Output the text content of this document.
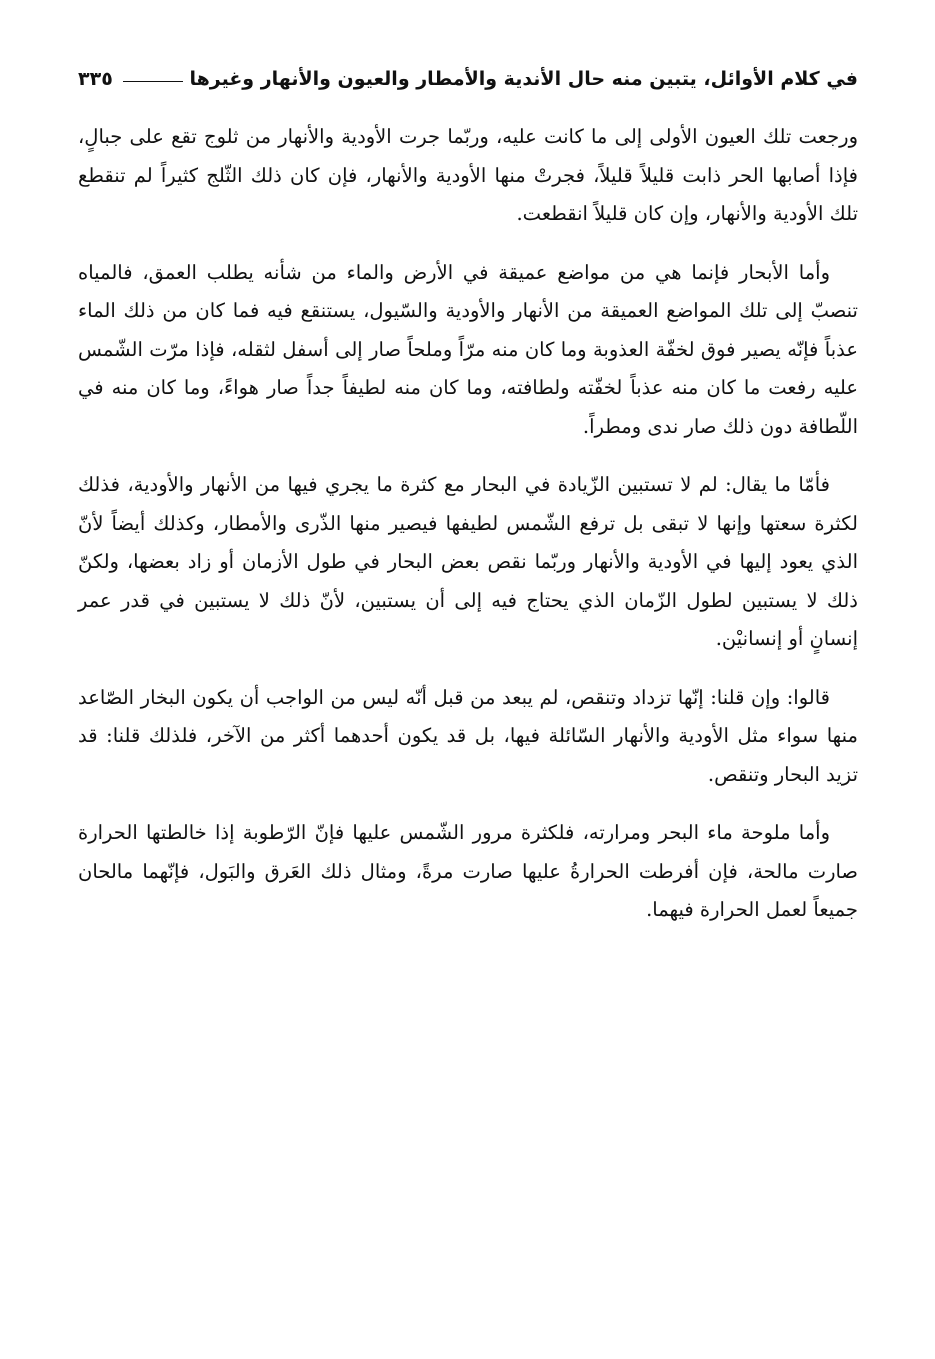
في كلام الأوائل، يتبين منه حال الأندية والأمطار والعيون والأنهار وغيرها
٣٣٥

ورجعت تلك العيون الأولى إلى ما كانت عليه، وربّما جرت الأودية والأنهار من ثلوج تقع على جبالٍ، فإذا أصابها الحر ذابت قليلاً قليلاً، فجرتْ منها الأودية والأنهار، فإن كان ذلك الثّلج كثيراً لم تنقطع تلك الأودية والأنهار، وإن كان قليلاً انقطعت.

وأما الأبحار فإنما هي من مواضع عميقة في الأرض والماء من شأنه يطلب العمق، فالمياه تنصبّ إلى تلك المواضع العميقة من الأنهار والأودية والسّيول، يستنقع فيه فما كان من ذلك الماء عذباً فإنّه يصير فوق لخفّة العذوبة وما كان منه مرّاً وملحاً صار إلى أسفل لثقله، فإذا مرّت الشّمس عليه رفعت ما كان منه عذباً لخفّته ولطافته، وما كان منه لطيفاً جداً صار هواءً، وما كان منه في اللّطافة دون ذلك صار ندى ومطراً.

فأمّا ما يقال: لم لا تستبين الزّيادة في البحار مع كثرة ما يجري فيها من الأنهار والأودية، فذلك لكثرة سعتها وإنها لا تبقى بل ترفع الشّمس لطيفها فيصير منها الذّرى والأمطار، وكذلك أيضاً لأنّ الذي يعود إليها في الأودية والأنهار وربّما نقص بعض البحار في طول الأزمان أو زاد بعضها، ولكنّ ذلك لا يستبين لطول الزّمان الذي يحتاج فيه إلى أن يستبين، لأنّ ذلك لا يستبين في قدر عمر إنسانٍ أو إنسانيْن.

قالوا: وإن قلنا: إنّها تزداد وتنقص، لم يبعد من قبل أنّه ليس من الواجب أن يكون البخار الصّاعد منها سواء مثل الأودية والأنهار السّائلة فيها، بل قد يكون أحدهما أكثر من الآخر، فلذلك قلنا: قد تزيد البحار وتنقص.

وأما ملوحة ماء البحر ومرارته، فلكثرة مرور الشّمس عليها فإنّ الرّطوبة إذا خالطتها الحرارة صارت مالحة، فإن أفرطت الحرارةُ عليها صارت مرةً، ومثال ذلك العَرق والبَول، فإنّهما مالحان جميعاً لعمل الحرارة فيهما.
